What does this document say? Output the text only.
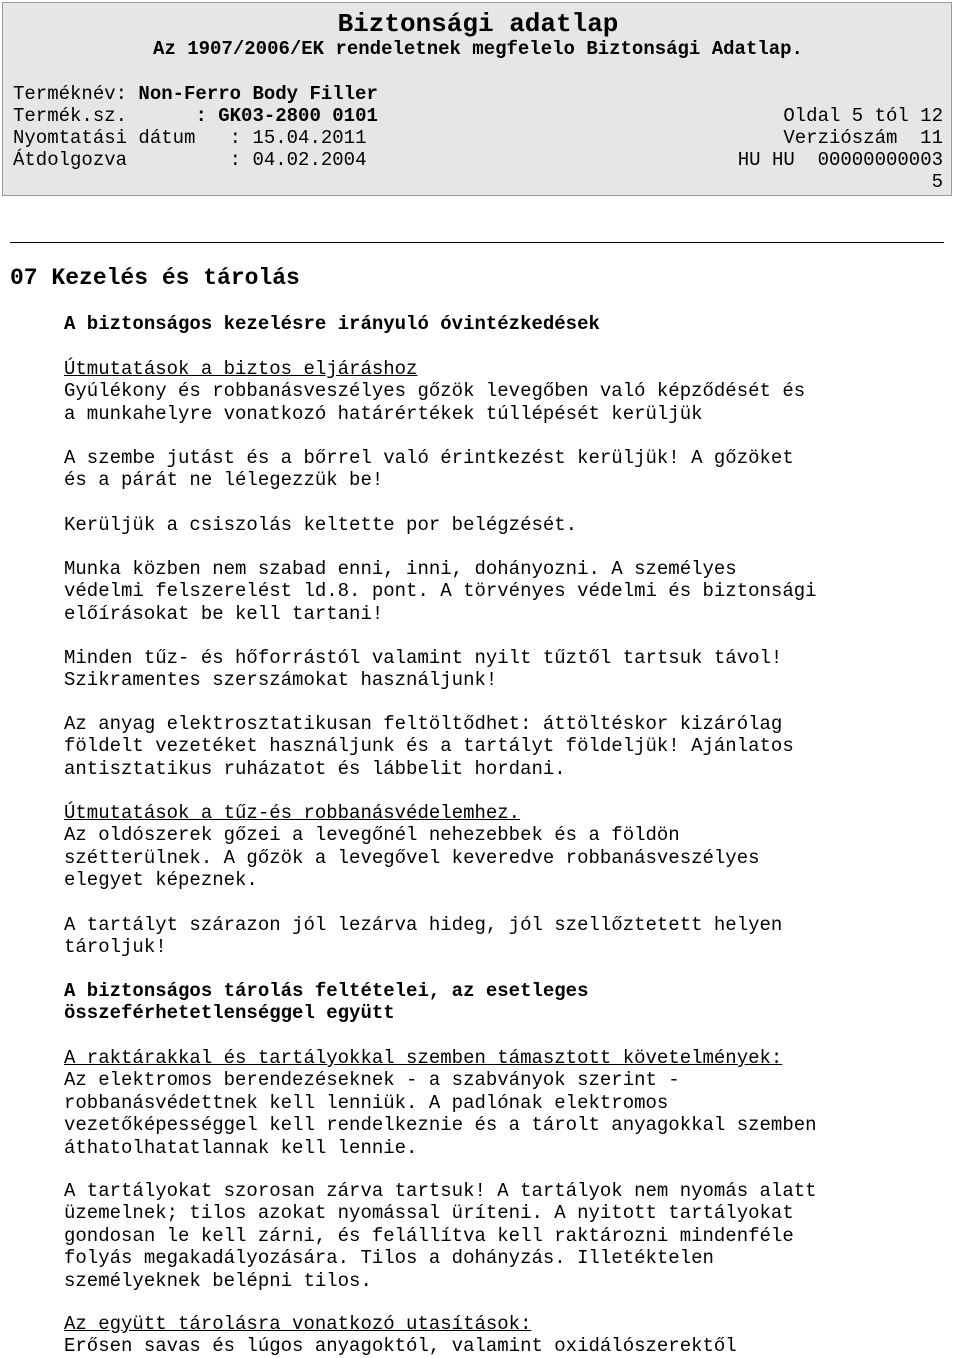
Biztonsági adatlap
Az 1907/2006/EK rendeletnek megfelelo Biztonsági Adatlap.
Terméknév: Non-Ferro Body Filler
Termék.sz.      : GK03-2800 0101	Oldal 5 tól 12
Nyomtatási dátum   : 15.04.2011	Verziószám  11
Átdolgozva         : 04.02.2004	HU HU  00000000003
5
07 Kezelés és tárolás
A biztonságos kezelésre irányuló óvintézkedések
Útmutatások a biztos eljáráshoz
Gyúlékony és robbanásveszélyes gőzök levegőben való képződését és
a munkahelyre vonatkozó határértékek túllépését kerüljük
A szembe jutást és a bőrrel való érintkezést kerüljük! A gőzöket
és a párát ne lélegezzük be!
Kerüljük a csiszolás keltette por belégzését.
Munka közben nem szabad enni, inni, dohányozni. A személyes
védelmi felszerelést ld.8. pont. A törvényes védelmi és biztonsági
előírásokat be kell tartani!
Minden tűz- és hőforrástól valamint nyilt tűztől tartsuk távol!
Szikramentes szerszámokat használjunk!
Az anyag elektrosztatikusan feltöltődhet: áttöltéskor kizárólag
földelt vezetéket használjunk és a tartályt földeljük! Ajánlatos
antisztatikus ruházatot és lábbelit hordani.
Útmutatások a tűz-és robbanásvédelemhez.
Az oldószerek gőzei a levegőnél nehezebbek és a földön
szétterülnek. A gőzök a levegővel keveredve robbanásveszélyes
elegyet képeznek.
A tartályt szárazon jól lezárva hideg, jól szellőztetett helyen
tároljuk!
A biztonságos tárolás feltételei, az esetleges
összeférhetetlenséggel együtt
A raktárakkal és tartályokkal szemben támasztott követelmények:
Az elektromos berendezéseknek - a szabványok szerint -
robbanásvédettnek kell lenniük. A padlónak elektromos
vezetőképességgel kell rendelkeznie és a tárolt anyagokkal szemben
áthatolhatatlannak kell lennie.
A tartályokat szorosan zárva tartsuk! A tartályok nem nyomás alatt
üzemelnek; tilos azokat nyomással üríteni. A nyitott tartályokat
gondosan le kell zárni, és felállítva kell raktározni mindenféle
folyás megakadályozására. Tilos a dohányzás. Illetéktelen
személyeknek belépni tilos.
Az együtt tárolásra vonatkozó utasítások:
Erősen savas és lúgos anyagoktól, valamint oxidálószerektől
